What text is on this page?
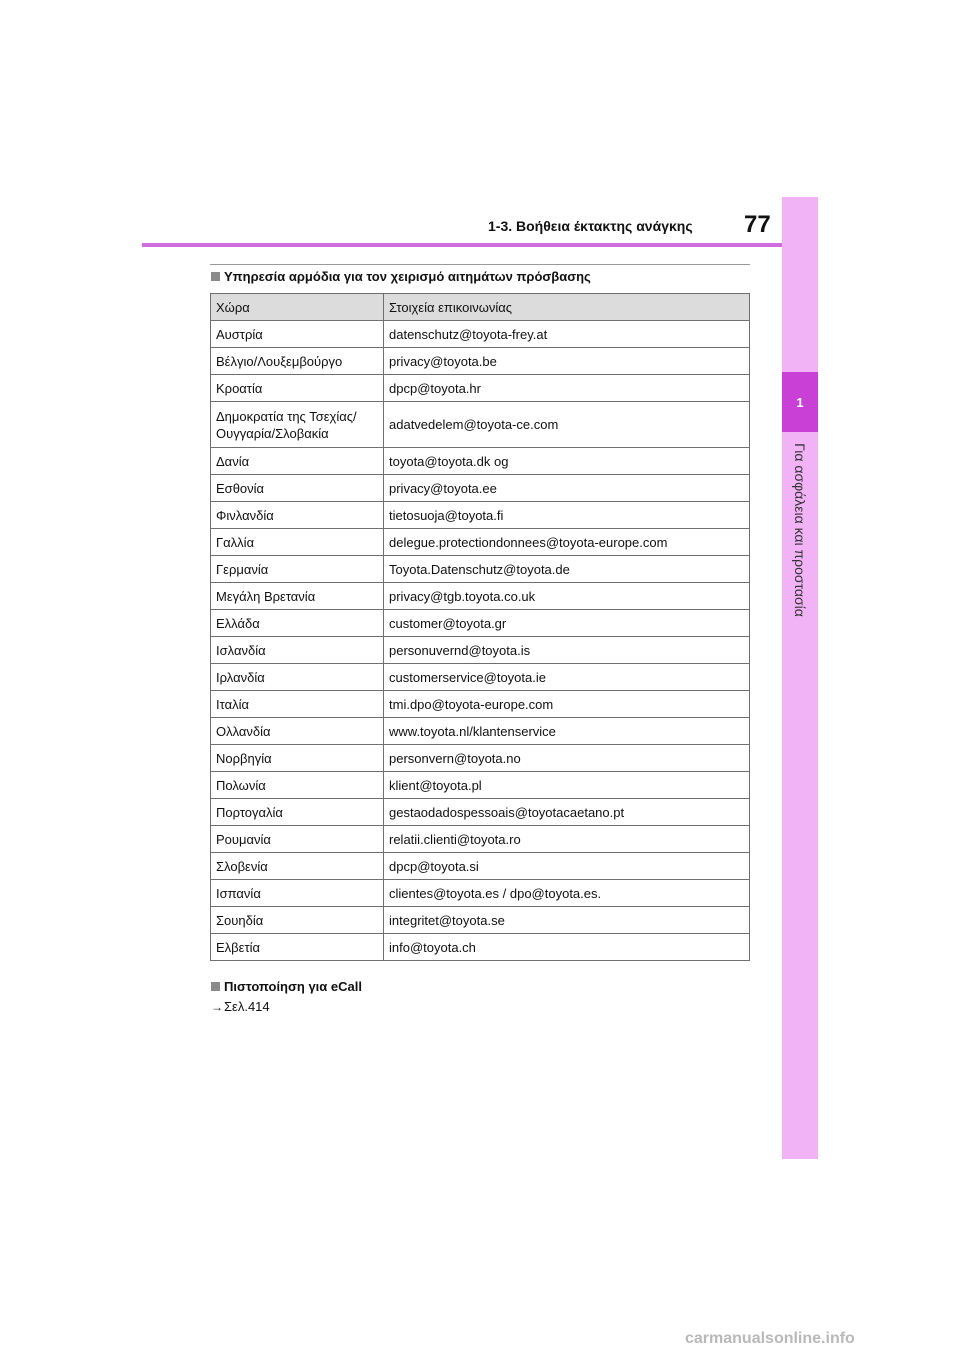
1-3. Βοήθεια έκτακτης ανάγκης 77
1
Για ασφάλεια και προστασία
Υπηρεσία αρμόδια για τον χειρισμό αιτημάτων πρόσβασης
Χώρα	Στοιχεία επικοινωνίας
Αυστρία	datenschutz@toyota-frey.at
Βέλγιο/Λουξεμβούργο	privacy@toyota.be
Κροατία	dpcp@toyota.hr
Δημοκρατία της Τσεχίας/
Ουγγαρία/Σλοβακία	adatvedelem@toyota-ce.com
Δανία	toyota@toyota.dk og
Εσθονία	privacy@toyota.ee
Φινλανδία	tietosuoja@toyota.fi
Γαλλία	delegue.protectiondonnees@toyota-europe.com
Γερμανία	Toyota.Datenschutz@toyota.de
Μεγάλη Βρετανία	privacy@tgb.toyota.co.uk
Ελλάδα	customer@toyota.gr
Ισλανδία	personuvernd@toyota.is
Ιρλανδία	customerservice@toyota.ie
Ιταλία	tmi.dpo@toyota-europe.com
Ολλανδία	www.toyota.nl/klantenservice
Νορβηγία	personvern@toyota.no
Πολωνία	klient@toyota.pl
Πορτογαλία	gestaodadospessoais@toyotacaetano.pt
Ρουμανία	relatii.clienti@toyota.ro
Σλοβενία	dpcp@toyota.si
Ισπανία	clientes@toyota.es / dpo@toyota.es.
Σουηδία	integritet@toyota.se
Ελβετία	info@toyota.ch
Πιστοποίηση για eCall
→Σελ.414
carmanualsonline.info
